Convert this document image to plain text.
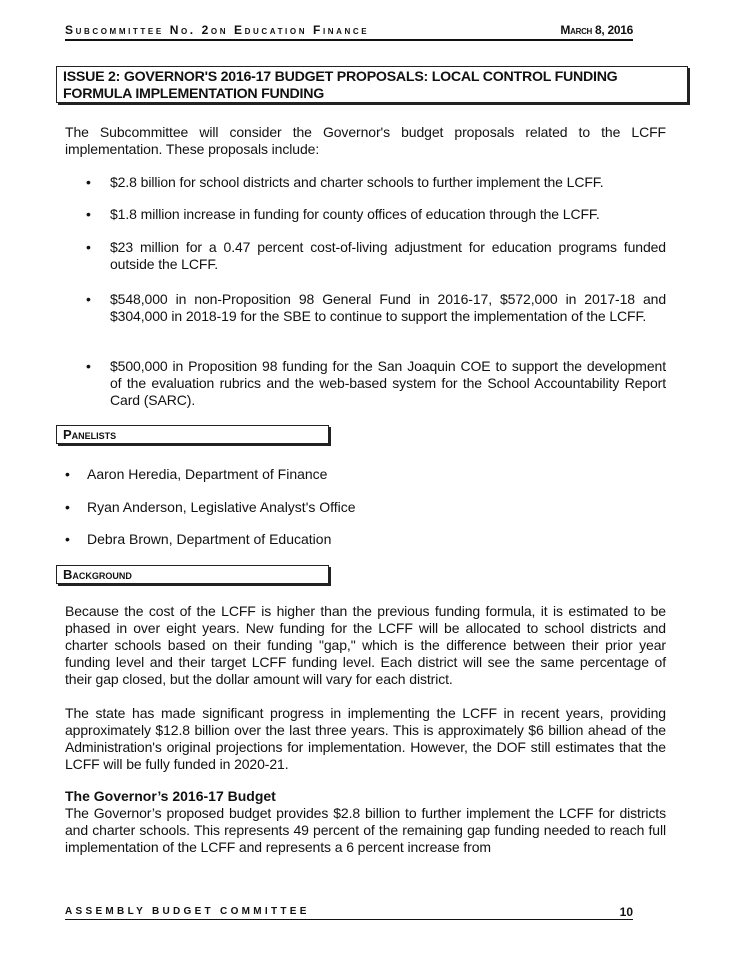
Subcommittee No. 2on Education Finance	March 8, 2016
ISSUE 2: GOVERNOR'S 2016-17 BUDGET PROPOSALS: LOCAL CONTROL FUNDING FORMULA IMPLEMENTATION FUNDING
The Subcommittee will consider the Governor's budget proposals related to the LCFF implementation. These proposals include:
• $2.8 billion for school districts and charter schools to further implement the LCFF.
• $1.8 million increase in funding for county offices of education through the LCFF.
• $23 million for a 0.47 percent cost-of-living adjustment for education programs funded outside the LCFF.
• $548,000 in non-Proposition 98 General Fund in 2016-17, $572,000 in 2017-18 and $304,000 in 2018-19 for the SBE to continue to support the implementation of the LCFF.
• $500,000 in Proposition 98 funding for the San Joaquin COE to support the development of the evaluation rubrics and the web-based system for the School Accountability Report Card (SARC).
Panelists
• Aaron Heredia, Department of Finance
• Ryan Anderson, Legislative Analyst's Office
• Debra Brown, Department of Education
Background
Because the cost of the LCFF is higher than the previous funding formula, it is estimated to be phased in over eight years. New funding for the LCFF will be allocated to school districts and charter schools based on their funding "gap," which is the difference between their prior year funding level and their target LCFF funding level. Each district will see the same percentage of their gap closed, but the dollar amount will vary for each district.
The state has made significant progress in implementing the LCFF in recent years, providing approximately $12.8 billion over the last three years. This is approximately $6 billion ahead of the Administration's original projections for implementation. However, the DOF still estimates that the LCFF will be fully funded in 2020-21.
The Governor’s 2016-17 Budget
The Governor’s proposed budget provides $2.8 billion to further implement the LCFF for districts and charter schools. This represents 49 percent of the remaining gap funding needed to reach full implementation of the LCFF and represents a 6 percent increase from
ASSEMBLY BUDGET COMMITTEE	10
